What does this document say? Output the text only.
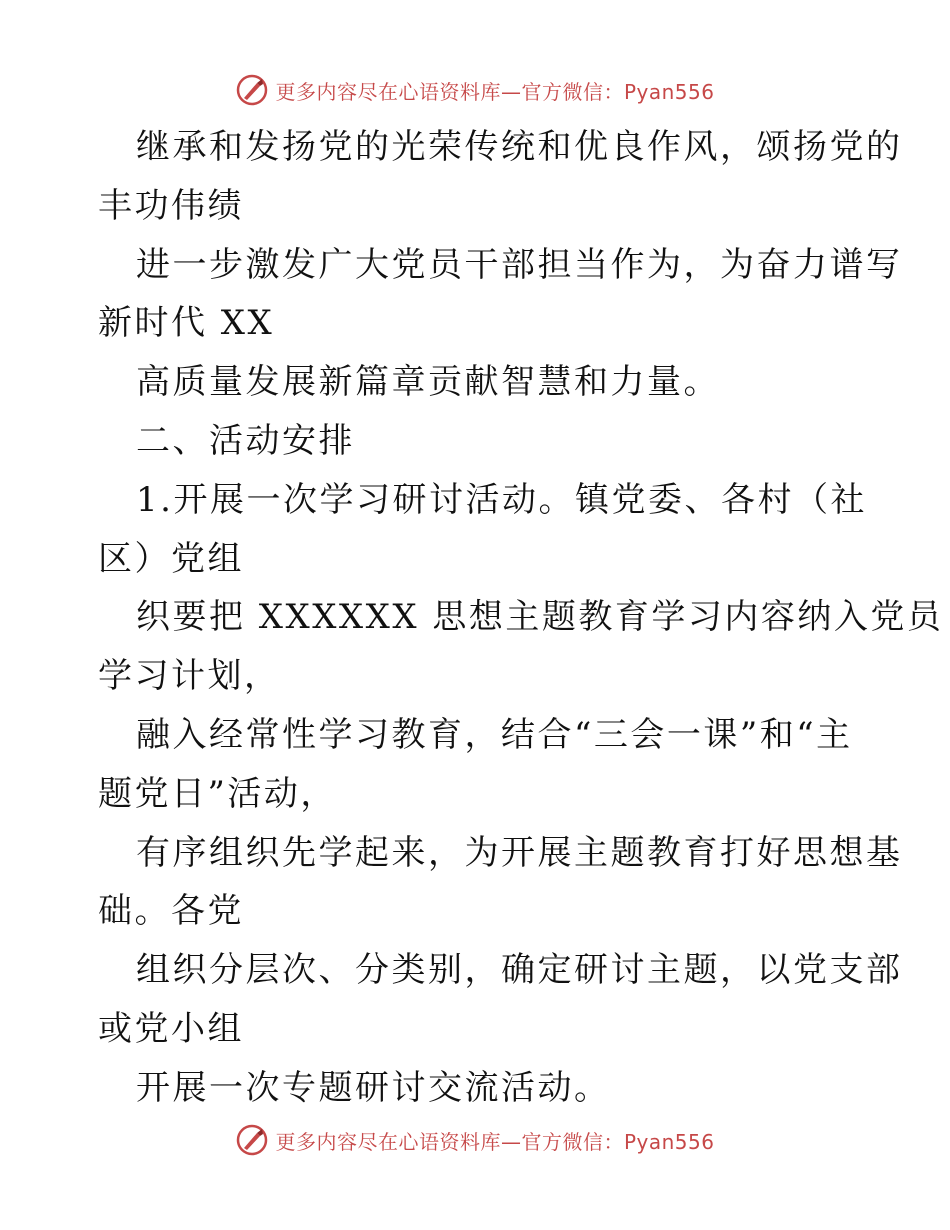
更多内容尽在心语资料库—官方微信：Pyan556
继承和发扬党的光荣传统和优良作风，颂扬党的
丰功伟绩
进一步激发广大党员干部担当作为，为奋力谱写
新时代 XX
高质量发展新篇章贡献智慧和力量。
二、活动安排
1.开展一次学习研讨活动。镇党委、各村（社
区）党组
织要把 XXXXXX 思想主题教育学习内容纳入党员
学习计划，
融入经常性学习教育，结合“三会一课”和“主
题党日”活动，
有序组织先学起来，为开展主题教育打好思想基
础。各党
组织分层次、分类别，确定研讨主题，以党支部
或党小组
开展一次专题研讨交流活动。
更多内容尽在心语资料库—官方微信：Pyan556
